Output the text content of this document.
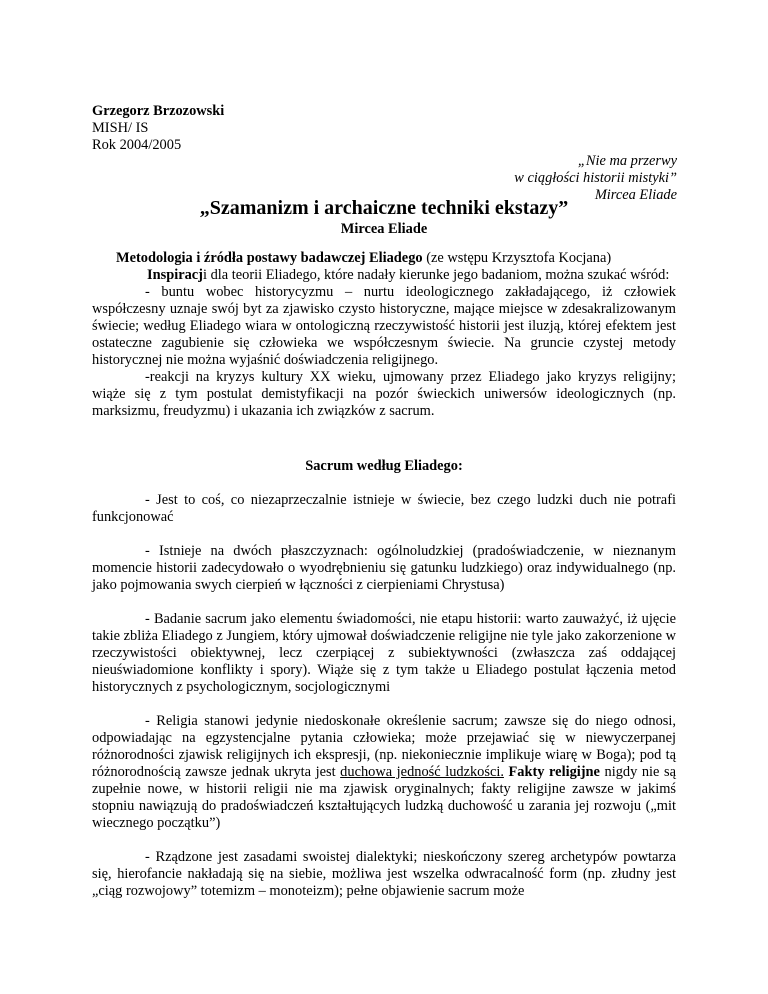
Grzegorz Brzozowski
MISH/ IS
Rok 2004/2005
„Nie ma przerwy
w ciągłości historii mistyki”
Mircea Eliade
„Szamanizm i archaiczne techniki ekstazy”
Mircea Eliade

Metodologia i źródła postawy badawczej Eliadego (ze wstępu Krzysztofa Kocjana)

Inspiracji dla teorii Eliadego, które nadały kierunke jego badaniom, można szukać wśród:

- buntu wobec historycyzmu – nurtu ideologicznego zakładającego, iż człowiek współczesny uznaje swój byt za zjawisko czysto historyczne, mające miejsce w zdesakralizowanym świecie; według Eliadego wiara w ontologiczną rzeczywistość historii jest iluzją, której efektem jest ostateczne zagubienie się człowieka we współczesnym świecie. Na gruncie czystej metody historycznej nie można wyjaśnić doświadczenia religijnego.

-reakcji na kryzys kultury XX wieku, ujmowany przez Eliadego jako kryzys religijny; wiąże się z tym postulat demistyfikacji na pozór świeckich uniwersów ideologicznych (np. marksizmu, freudyzmu) i ukazania ich związków z sacrum.

Sacrum według Eliadego:

- Jest to coś, co niezaprzeczalnie istnieje w świecie, bez czego ludzki duch nie potrafi funkcjonować

- Istnieje na dwóch płaszczyznach: ogólnoludzkiej (pradoświadczenie, w nieznanym momencie historii zadecydowało o wyodrębnieniu się gatunku ludzkiego) oraz indywidualnego (np. jako pojmowania swych cierpień w łączności z cierpieniami Chrystusa)

- Badanie sacrum jako elementu świadomości, nie etapu historii: warto zauważyć, iż ujęcie takie zbliża Eliadego z Jungiem, który ujmował doświadczenie religijne nie tyle jako zakorzenione w rzeczywistości obiektywnej, lecz czerpiącej z subiektywności (zwłaszcza zaś oddającej nieuświadomione konflikty i spory). Wiąże się z tym także u Eliadego postulat łączenia metod historycznych z psychologicznym, socjologicznymi

- Religia stanowi jedynie niedoskonałe określenie sacrum; zawsze się do niego odnosi, odpowiadając na egzystencjalne pytania człowieka; może przejawiać się w niewyczerpanej różnorodności zjawisk religijnych ich ekspresji, (np. niekoniecznie implikuje wiarę w Boga); pod tą różnorodnością zawsze jednak ukryta jest duchowa jedność ludzkości. Fakty religijne nigdy nie są zupełnie nowe, w historii religii nie ma zjawisk oryginalnych; fakty religijne zawsze w jakimś stopniu nawiązują do pradoświadczeń kształtujących ludzką duchowość u zarania jej rozwoju („mit wiecznego początku”)

- Rządzone jest zasadami swoistej dialektyki; nieskończony szereg archetypów powtarza się, hierofancie nakładają się na siebie, możliwa jest wszelka odwracalność form (np. złudny jest „ciąg rozwojowy” totemizm – monoteizm); pełne objawienie sacrum może
